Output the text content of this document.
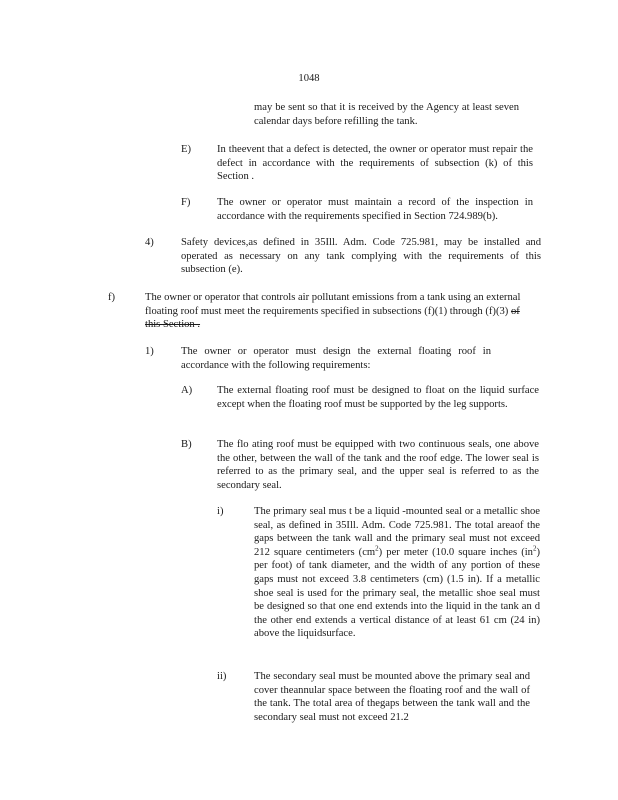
1048
may be sent so that it is received by the Agency at least seven calendar days before refilling the tank.
E) In theevent that a defect is detected, the owner or operator must repair the defect in accordance with the requirements of subsection (k) of this Section .
F)	The owner or operator must maintain a record of the inspection in accordance with the requirements specified in Section 724.989(b).
4)	Safety devices,as defined in 35Ill. Adm. Code 725.981, may be installed and operated as necessary on any tank complying with the requirements of this subsection (e).
f)	The owner or operator that controls air pollutant emissions from a tank using an external floating roof must meet the requirements specified in subsections (f)(1) through (f)(3) of this Section .
1)	The owner or operator must design the external floating roof in accordance with the following requirements:
A) The external floating roof must be designed to float on the liquid surface except when the floating roof must be supported by the leg supports.
B) The flo ating roof must be equipped with two continuous seals, one above the other, between the wall of the tank and the roof edge. The lower seal is referred to as the primary seal, and the upper seal is referred to as the secondary seal.
i)	The primary seal mus t be a liquid -mounted seal or a metallic shoe seal, as defined in 35Ill. Adm. Code 725.981. The total areaof the gaps between the tank wall and the primary seal must not exceed 212 square centimeters $(cm^2)$ per meter (10.0 square inches $(in^2)$ per foot) of tank diameter, and the width of any portion of these gaps must not exceed 3.8 centimeters (cm) (1.5 in). If a metallic shoe seal is used for the primary seal, the metallic shoe seal must be designed so that one end extends into the liquid in the tank an d the other end extends a vertical distance of at least 61 cm (24 in) above the liquidsurface.
ii)	The secondary seal must be mounted above the primary seal and cover theannular space between the floating roof and the wall of the tank. The total area of thegaps between the tank wall and the secondary seal must not exceed 21.2
